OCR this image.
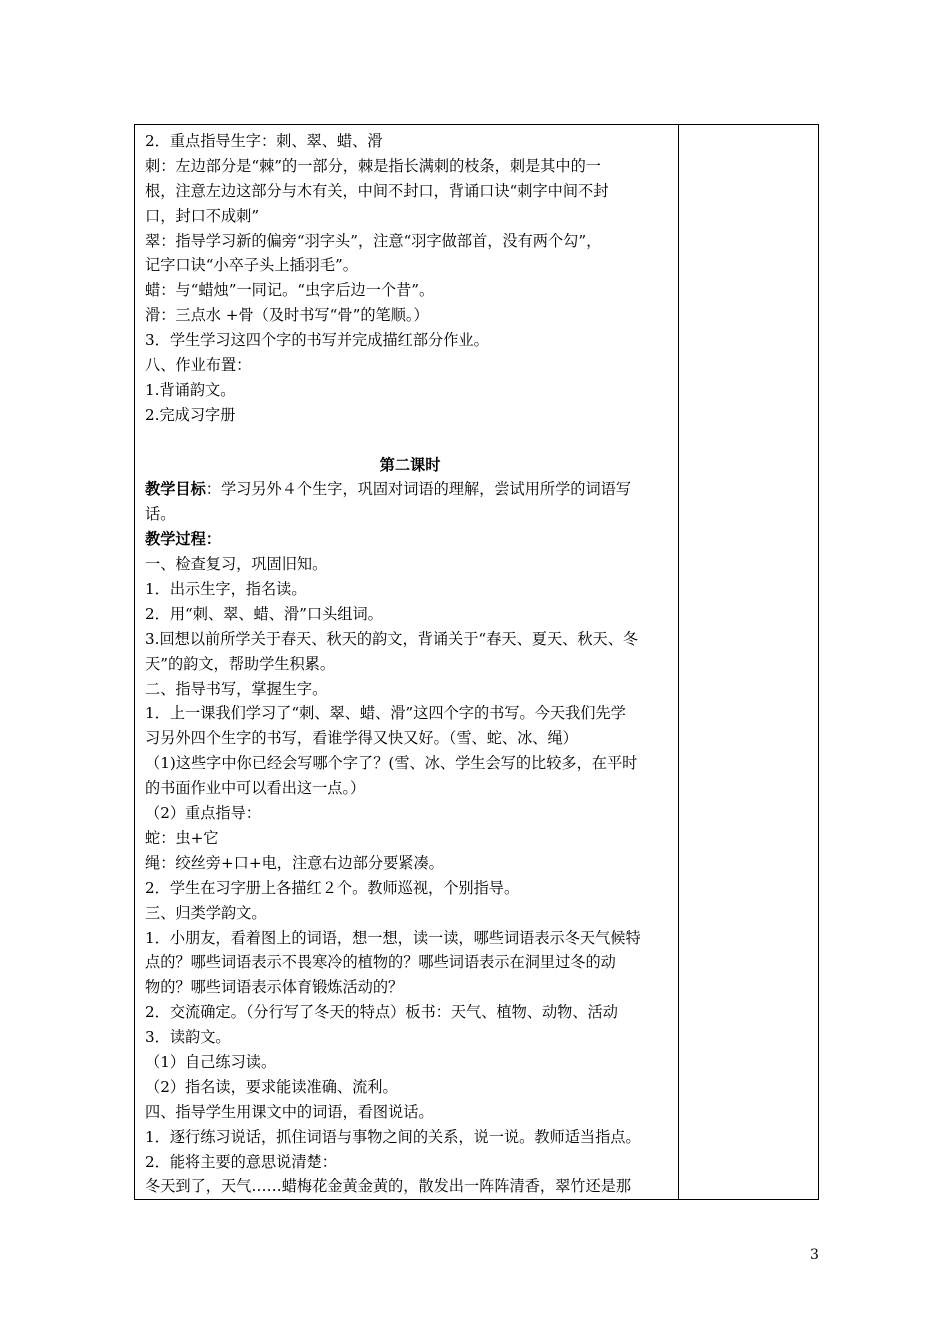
2．重点指导生字：刺、翠、蜡、滑
刺：左边部分是“棘”的一部分，棘是指长满刺的枝条，刺是其中的一
根，注意左边这部分与木有关，中间不封口，背诵口诀“刺字中间不封
口，封口不成刺”
翠：指导学习新的偏旁“羽字头”，注意“羽字做部首，没有两个勾”，
记字口诀“小卒子头上插羽毛”。
蜡：与“蜡烛”一同记。“虫字后边一个昔”。
滑：三点水 +骨（及时书写“骨”的笔顺。）
3．学生学习这四个字的书写并完成描红部分作业。
八、作业布置：
1.背诵韵文。
2.完成习字册
第二课时
教学目标：学习另外４个生字，巩固对词语的理解，尝试用所学的词语写
话。
教学过程：
一、检查复习，巩固旧知。
1．出示生字，指名读。
2．用“刺、翠、蜡、滑”口头组词。
3.回想以前所学关于春天、秋天的韵文，背诵关于“春天、夏天、秋天、冬
天”的韵文，帮助学生积累。
二、指导书写，掌握生字。
1．上一课我们学习了“刺、翠、蜡、滑”这四个字的书写。今天我们先学
习另外四个生字的书写，看谁学得又快又好。（雪、蛇、冰、绳）
（1)这些字中你已经会写哪个字了？(雪、冰、学生会写的比较多，在平时
的书面作业中可以看出这一点。）
（2）重点指导：
蛇：虫+它
绳：绞丝旁+口+电，注意右边部分要紧凑。
2．学生在习字册上各描红２个。教师巡视，个别指导。
三、归类学韵文。
1．小朋友，看着图上的词语，想一想，读一读，哪些词语表示冬天气候特
点的？哪些词语表示不畏寒冷的植物的？哪些词语表示在洞里过冬的动
物的？哪些词语表示体育锻炼活动的？
2．交流确定。（分行写了冬天的特点）板书：天气、植物、动物、活动
3．读韵文。
（1）自己练习读。
（2）指名读，要求能读准确、流利。
四、指导学生用课文中的词语，看图说话。
1．逐行练习说话，抓住词语与事物之间的关系，说一说。教师适当指点。
2．能将主要的意思说清楚：
冬天到了，天气……蜡梅花金黄金黄的，散发出一阵阵清香，翠竹还是那
3
